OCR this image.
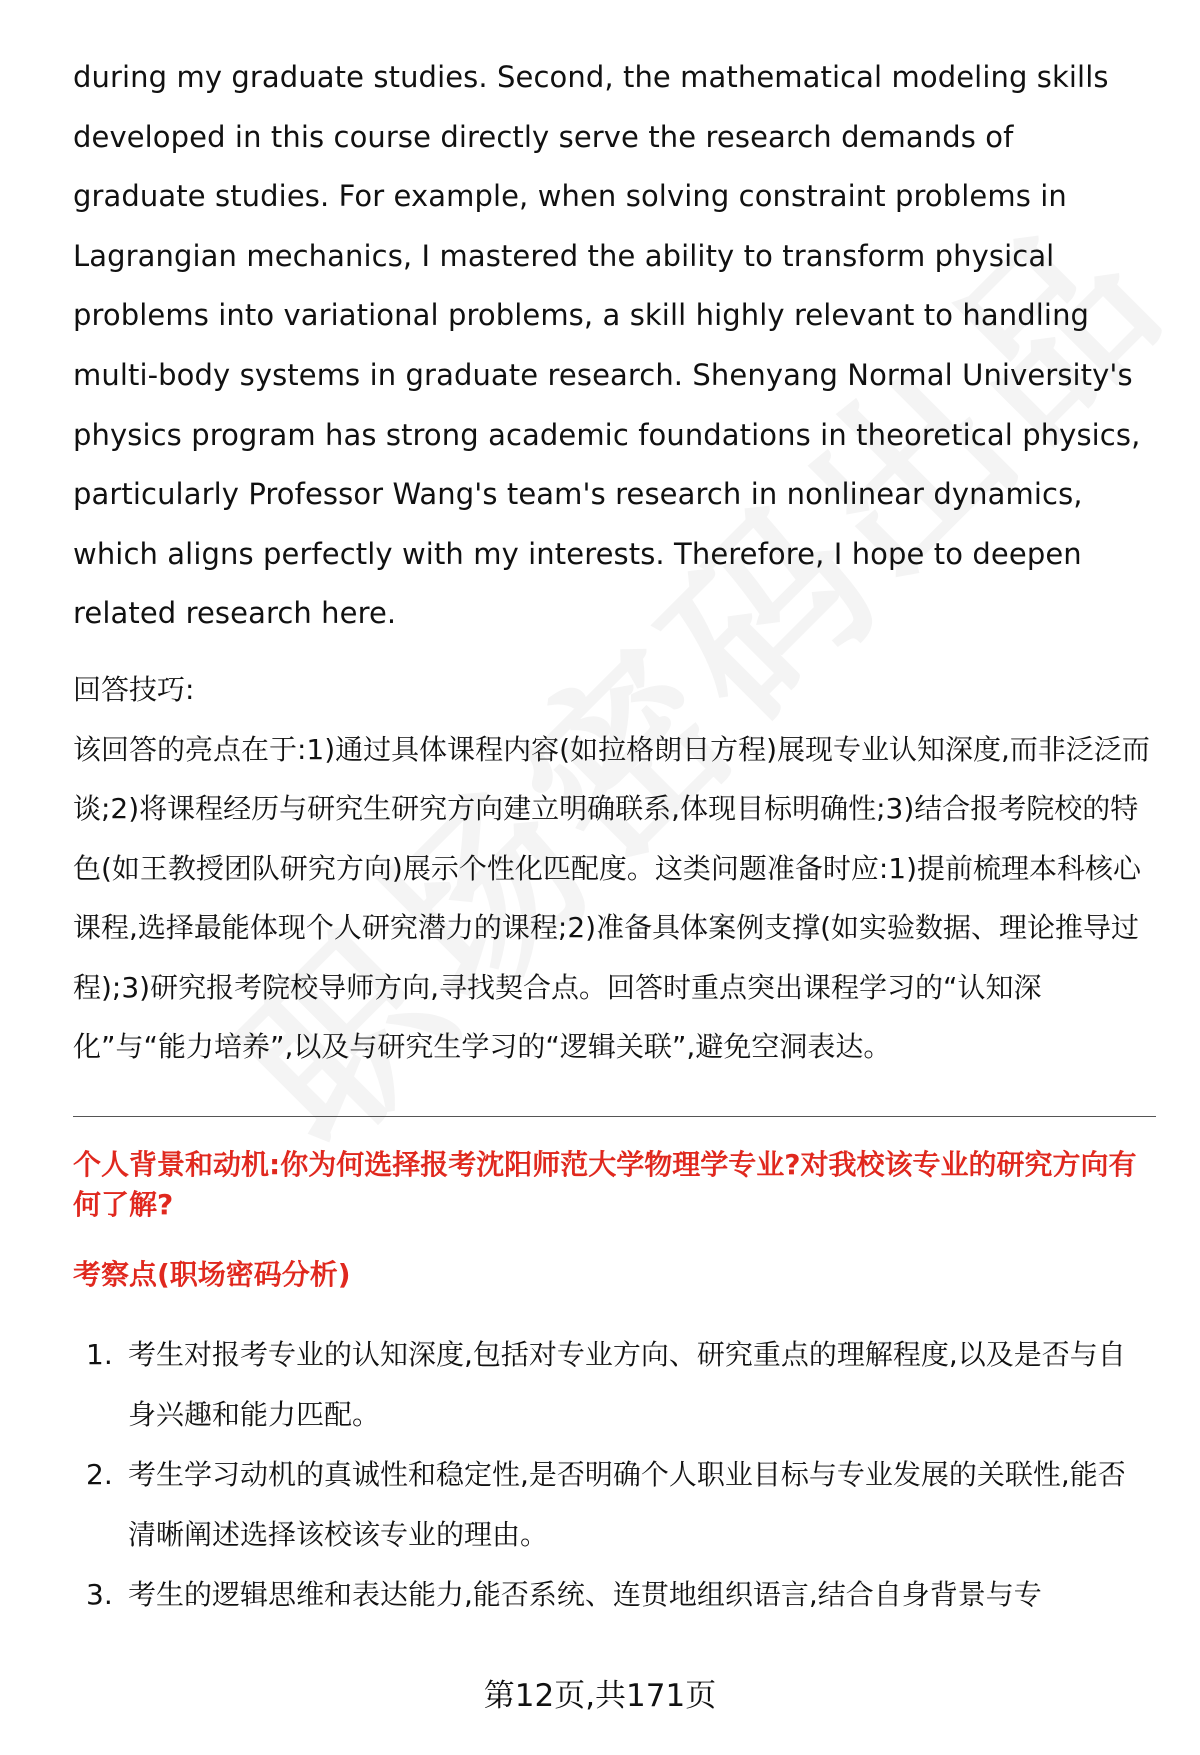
during my graduate studies. Second, the mathematical modeling skills developed in this course directly serve the research demands of graduate studies. For example, when solving constraint problems in Lagrangian mechanics, I mastered the ability to transform physical problems into variational problems, a skill highly relevant to handling multi-body systems in graduate research. Shenyang Normal University's physics program has strong academic foundations in theoretical physics, particularly Professor Wang's team's research in nonlinear dynamics, which aligns perfectly with my interests. Therefore, I hope to deepen related research here.

回答技巧:

该回答的亮点在于:1)通过具体课程内容(如拉格朗日方程)展现专业认知深度,而非泛泛而谈;2)将课程经历与研究生研究方向建立明确联系,体现目标明确性;3)结合报考院校的特色(如王教授团队研究方向)展示个性化匹配度。这类问题准备时应:1)提前梳理本科核心课程,选择最能体现个人研究潜力的课程;2)准备具体案例支撑(如实验数据、理论推导过程);3)研究报考院校导师方向,寻找契合点。回答时重点突出课程学习的“认知深化”与“能力培养”,以及与研究生学习的“逻辑关联”,避免空洞表达。

个人背景和动机:你为何选择报考沈阳师范大学物理学专业?对我校该专业的研究方向有何了解?
考察点(职场密码分析)
1. 考生对报考专业的认知深度,包括对专业方向、研究重点的理解程度,以及是否与自身兴趣和能力匹配。
2. 考生学习动机的真诚性和稳定性,是否明确个人职业目标与专业发展的关联性,能否清晰阐述选择该校该专业的理由。
3. 考生的逻辑思维和表达能力,能否系统、连贯地组织语言,结合自身背景与专
第12页,共171页
